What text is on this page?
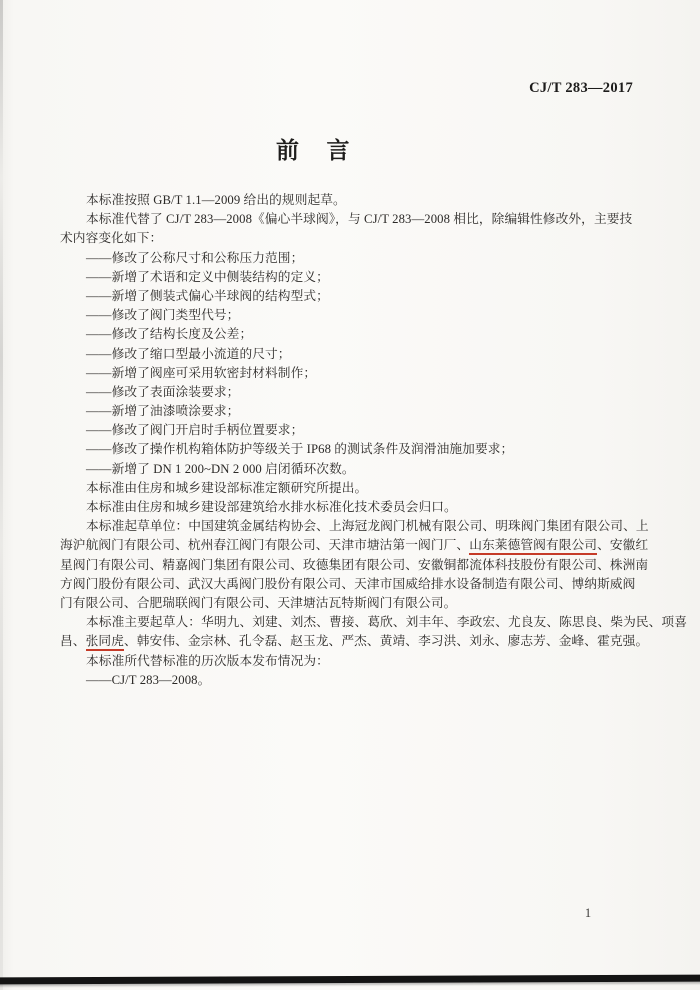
CJ/T 283—2017
前 言
本标准按照 GB/T 1.1—2009 给出的规则起草。
本标准代替了 CJ/T 283—2008《偏心半球阀》，与 CJ/T 283—2008 相比，除编辑性修改外，主要技
术内容变化如下：
——修改了公称尺寸和公称压力范围；
——新增了术语和定义中侧装结构的定义；
——新增了侧装式偏心半球阀的结构型式；
——修改了阀门类型代号；
——修改了结构长度及公差；
——修改了缩口型最小流道的尺寸；
——新增了阀座可采用软密封材料制作；
——修改了表面涂装要求；
——新增了油漆喷涂要求；
——修改了阀门开启时手柄位置要求；
——修改了操作机构箱体防护等级关于 IP68 的测试条件及润滑油施加要求；
——新增了 DN 1 200~DN 2 000 启闭循环次数。
本标准由住房和城乡建设部标准定额研究所提出。
本标准由住房和城乡建设部建筑给水排水标准化技术委员会归口。
本标准起草单位：中国建筑金属结构协会、上海冠龙阀门机械有限公司、明珠阀门集团有限公司、上
海沪航阀门有限公司、杭州春江阀门有限公司、天津市塘沽第一阀门厂、山东莱德管阀有限公司、安徽红
星阀门有限公司、精嘉阀门集团有限公司、玫德集团有限公司、安徽铜都流体科技股份有限公司、株洲南
方阀门股份有限公司、武汉大禹阀门股份有限公司、天津市国威给排水设备制造有限公司、博纳斯威阀
门有限公司、合肥瑞联阀门有限公司、天津塘沽瓦特斯阀门有限公司。
本标准主要起草人：华明九、刘建、刘杰、曹接、葛欣、刘丰年、李政宏、尤良友、陈思良、柴为民、项喜
昌、张同虎、韩安伟、金宗林、孔令磊、赵玉龙、严杰、黄靖、李习洪、刘永、廖志芳、金峰、霍克强。
本标准所代替标准的历次版本发布情况为：
——CJ/T 283—2008。
1
